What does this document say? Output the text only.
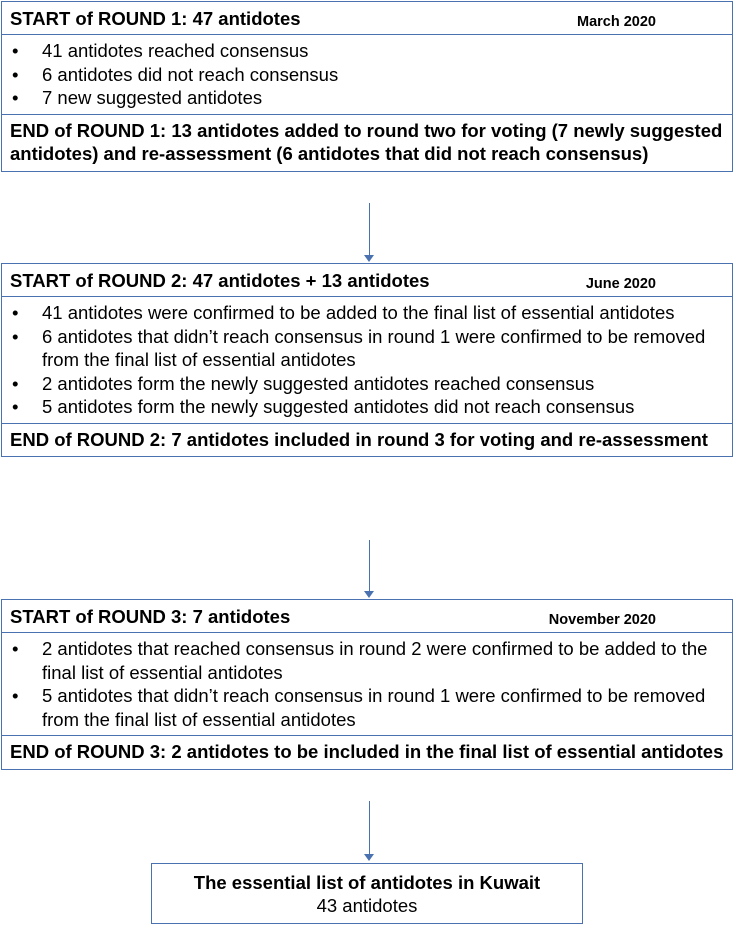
START of ROUND 1: 47 antidotes	March 2020
• 41 antidotes reached consensus
• 6 antidotes did not reach consensus
• 7 new suggested antidotes
END of ROUND 1: 13 antidotes added to round two for voting (7 newly suggested antidotes) and re-assessment (6 antidotes that did not reach consensus)
START of ROUND 2: 47 antidotes + 13 antidotes	June 2020
• 41 antidotes were confirmed to be added to the final list of essential antidotes
• 6 antidotes that didn’t reach consensus in round 1 were confirmed to be removed from the final list of essential antidotes
• 2 antidotes form the newly suggested antidotes reached consensus
• 5 antidotes form the newly suggested antidotes did not reach consensus
END of ROUND 2: 7 antidotes included in round 3 for voting and re-assessment
START of ROUND 3: 7 antidotes	November 2020
• 2 antidotes that reached consensus in round 2 were confirmed to be added to the final list of essential antidotes
• 5 antidotes that didn’t reach consensus in round 1 were confirmed to be removed from the final list of essential antidotes
END of ROUND 3: 2 antidotes to be included in the final list of essential antidotes
The essential list of antidotes in Kuwait
43 antidotes
